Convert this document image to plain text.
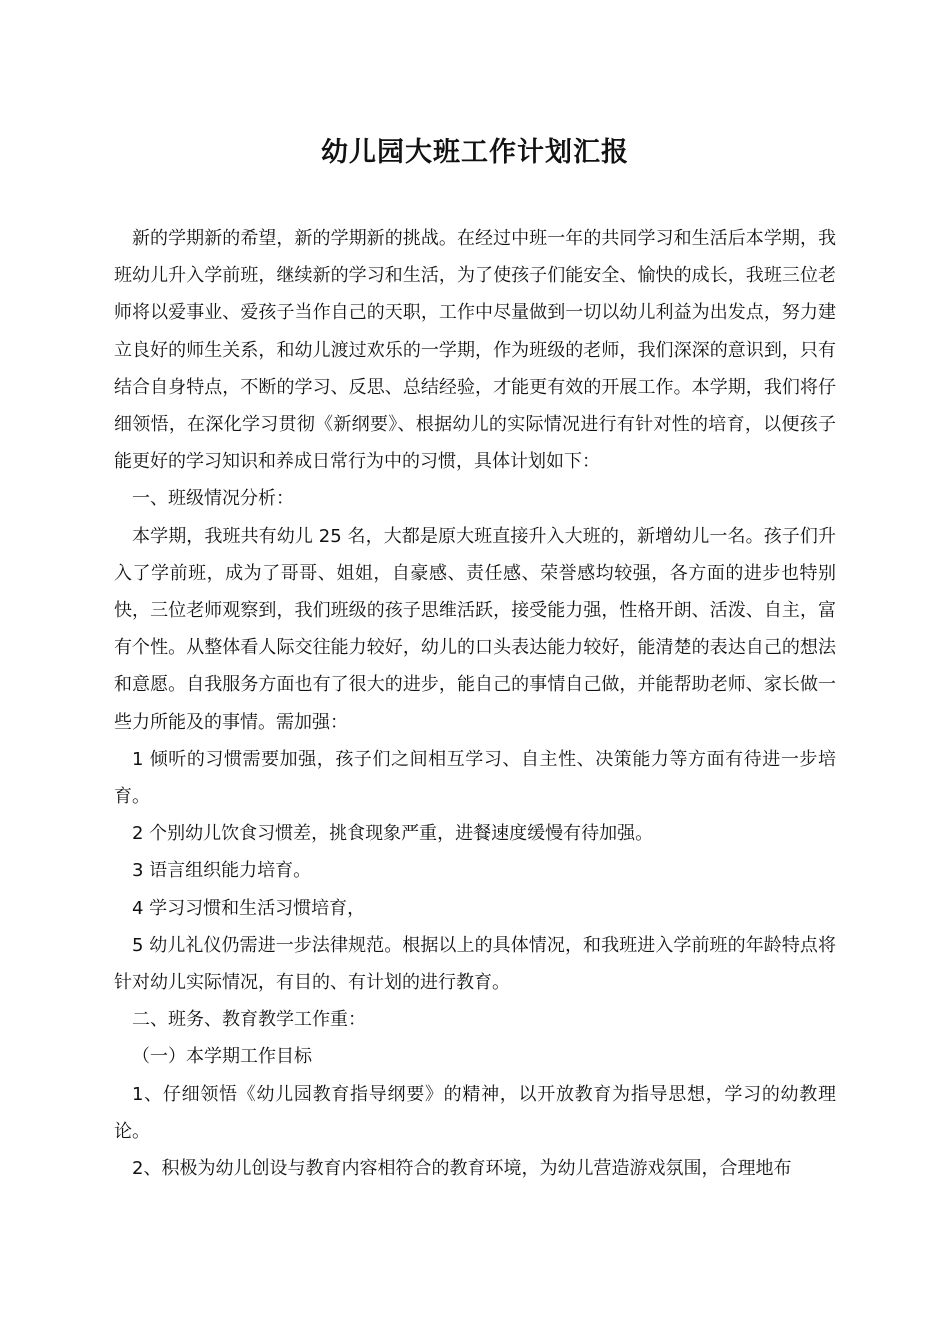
幼儿园大班工作计划汇报

新的学期新的希望，新的学期新的挑战。在经过中班一年的共同学习和生活后本学期，我班幼儿升入学前班，继续新的学习和生活，为了使孩子们能安全、愉快的成长，我班三位老师将以爱事业、爱孩子当作自己的天职，工作中尽量做到一切以幼儿利益为出发点，努力建立良好的师生关系，和幼儿渡过欢乐的一学期，作为班级的老师，我们深深的意识到，只有结合自身特点，不断的学习、反思、总结经验，才能更有效的开展工作。本学期，我们将仔细领悟，在深化学习贯彻《新纲要》、根据幼儿的实际情况进行有针对性的培育，以便孩子能更好的学习知识和养成日常行为中的习惯，具体计划如下：

一、班级情况分析：

本学期，我班共有幼儿 25 名，大都是原大班直接升入大班的，新增幼儿一名。孩子们升入了学前班，成为了哥哥、姐姐，自豪感、责任感、荣誉感均较强，各方面的进步也特别快，三位老师观察到，我们班级的孩子思维活跃，接受能力强，性格开朗、活泼、自主，富有个性。从整体看人际交往能力较好，幼儿的口头表达能力较好，能清楚的表达自己的想法和意愿。自我服务方面也有了很大的进步，能自己的事情自己做，并能帮助老师、家长做一些力所能及的事情。需加强：

1 倾听的习惯需要加强，孩子们之间相互学习、自主性、决策能力等方面有待进一步培育。

2 个别幼儿饮食习惯差，挑食现象严重，进餐速度缓慢有待加强。

3 语言组织能力培育。

4 学习习惯和生活习惯培育，

5 幼儿礼仪仍需进一步法律规范。根据以上的具体情况，和我班进入学前班的年龄特点将针对幼儿实际情况，有目的、有计划的进行教育。

二、班务、教育教学工作重：

（一）本学期工作目标

1、仔细领悟《幼儿园教育指导纲要》的精神，以开放教育为指导思想，学习的幼教理论。

2、积极为幼儿创设与教育内容相符合的教育环境，为幼儿营造游戏氛围，合理地布
